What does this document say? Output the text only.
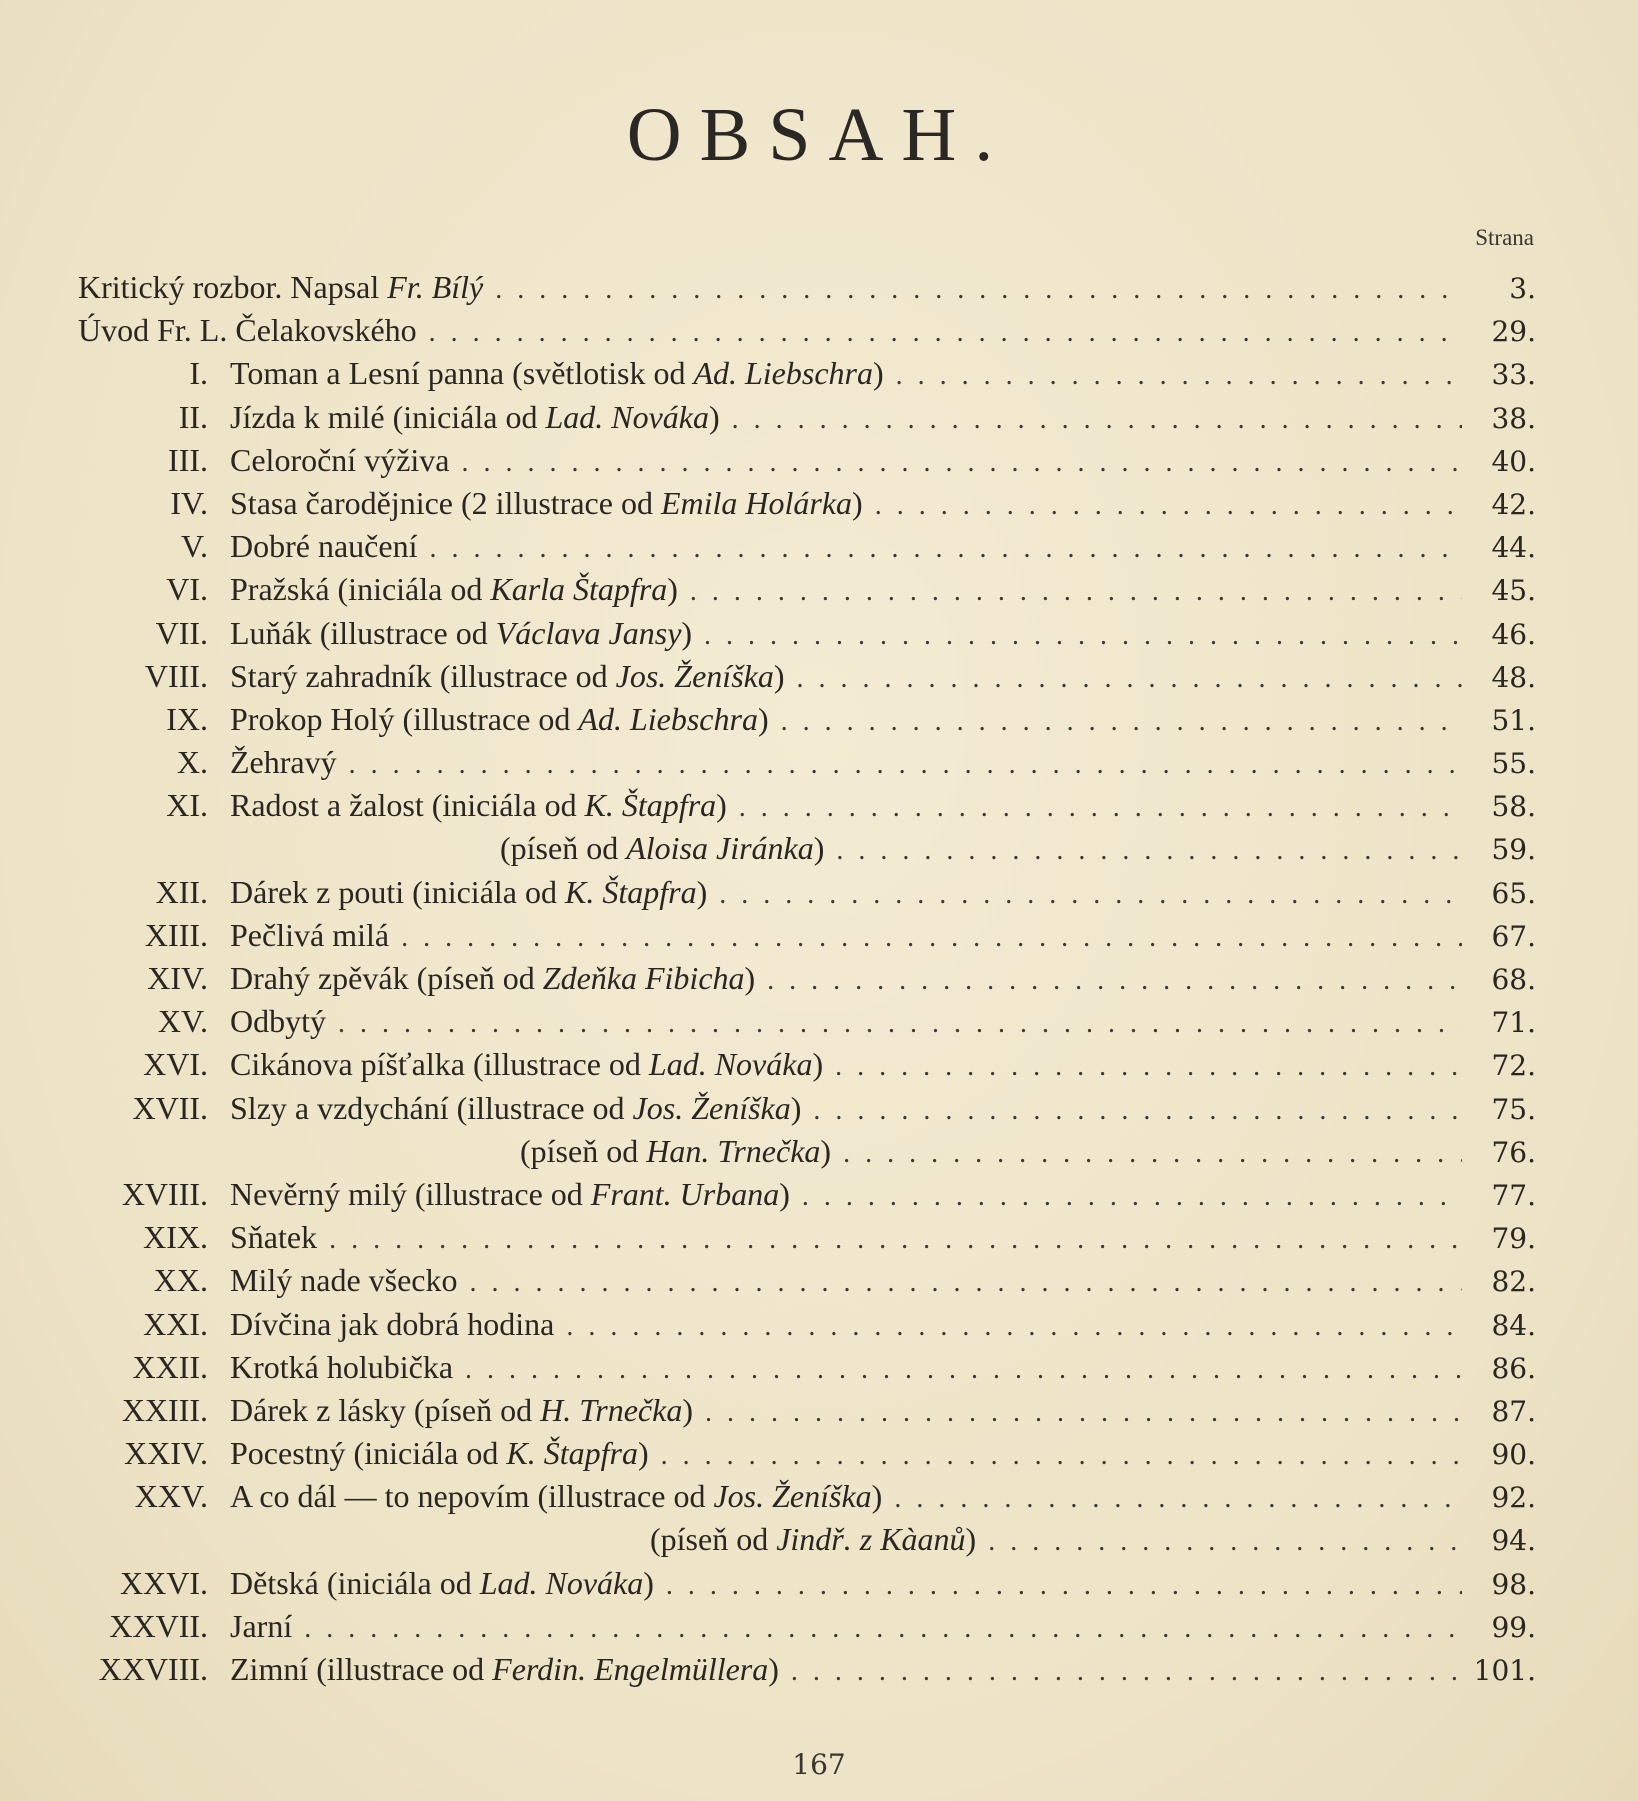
OBSAH.
Strana
Kritický rozbor. Napsal Fr. Bílý . . .	3.
Úvod Fr. L. Čelakovského . . .	29.
I. Toman a Lesní panna (světlotisk od Ad. Liebschra) . . .	33.
II. Jízda k milé (iniciála od Lad. Nováka) . . .	38.
III. Celoroční výživa . . .	40.
IV. Stasa čarodějnice (2 illustrace od Emila Holárka) . . .	42.
V. Dobré naučení . . .	44.
VI. Pražská (iniciála od Karla Štapfra) . . .	45.
VII. Luňák (illustrace od Václava Jansy) . . .	46.
VIII. Starý zahradník (illustrace od Jos. Ženíška) . . .	48.
IX. Prokop Holý (illustrace od Ad. Liebschra) . . .	51.
X. Žehravý . . .	55.
XI. Radost a žalost (iniciála od K. Štapfra) . . .	58.
(píseň od Aloisa Jiránka) . . .	59.
XII. Dárek z pouti (iniciála od K. Štapfra) . . .	65.
XIII. Pečlivá milá . . .	67.
XIV. Drahý zpěvák (píseň od Zdeňka Fibicha) . . .	68.
XV. Odbytý . . .	71.
XVI. Cikánova píšťalka (illustrace od Lad. Nováka) . . .	72.
XVII. Slzy a vzdychání (illustrace od Jos. Ženíška) . . .	75.
(píseň od Han. Trnečka) . . .	76.
XVIII. Nevěrný milý (illustrace od Frant. Urbana) . . .	77.
XIX. Sňatek . . .	79.
XX. Milý nade všecko . . .	82.
XXI. Dívčina jak dobrá hodina . . .	84.
XXII. Krotká holubička . . .	86.
XXIII. Dárek z lásky (píseň od H. Trnečka) . . .	87.
XXIV. Pocestný (iniciála od K. Štapfra) . . .	90.
XXV. A co dál — to nepovím (illustrace od Jos. Ženíška) . . .	92.
(píseň od Jindř. z Kàanů) . . .	94.
XXVI. Dětská (iniciála od Lad. Nováka) . . .	98.
XXVII. Jarní . . .	99.
XXVIII. Zimní (illustrace od Ferdin. Engelmüllera) . . .	101.
167
